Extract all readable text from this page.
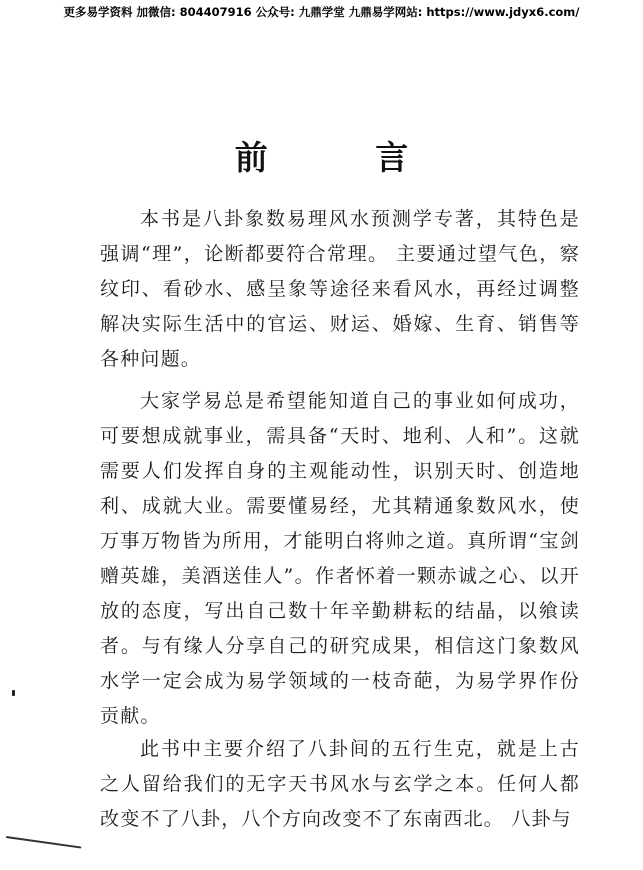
更多易学资料 加微信: 804407916 公众号: 九鼎学堂 九鼎易学网站: https://www.jdyx6.com/
前 言

本书是八卦象数易理风水预测学专著，其特色是强调“理”，论断都要符合常理。 主要通过望气色，察纹印、看砂水、感呈象等途径来看风水，再经过调整解决实际生活中的官运、财运、婚嫁、生育、销售等各种问题。

大家学易总是希望能知道自己的事业如何成功，可要想成就事业，需具备“天时、地利、人和”。这就需要人们发挥自身的主观能动性，识别天时、创造地利、成就大业。需要懂易经，尤其精通象数风水，使万事万物皆为所用，才能明白将帅之道。真所谓“宝剑赠英雄，美酒送佳人”。作者怀着一颗赤诚之心、以开放的态度，写出自己数十年辛勤耕耘的结晶，以飨读者。与有缘人分享自己的研究成果，相信这门象数风水学一定会成为易学领域的一枝奇葩，为易学界作份贡献。

此书中主要介绍了八卦间的五行生克，就是上古之人留给我们的无字天书风水与玄学之本。任何人都改变不了八卦，八个方向改变不了东南西北。 八卦与
